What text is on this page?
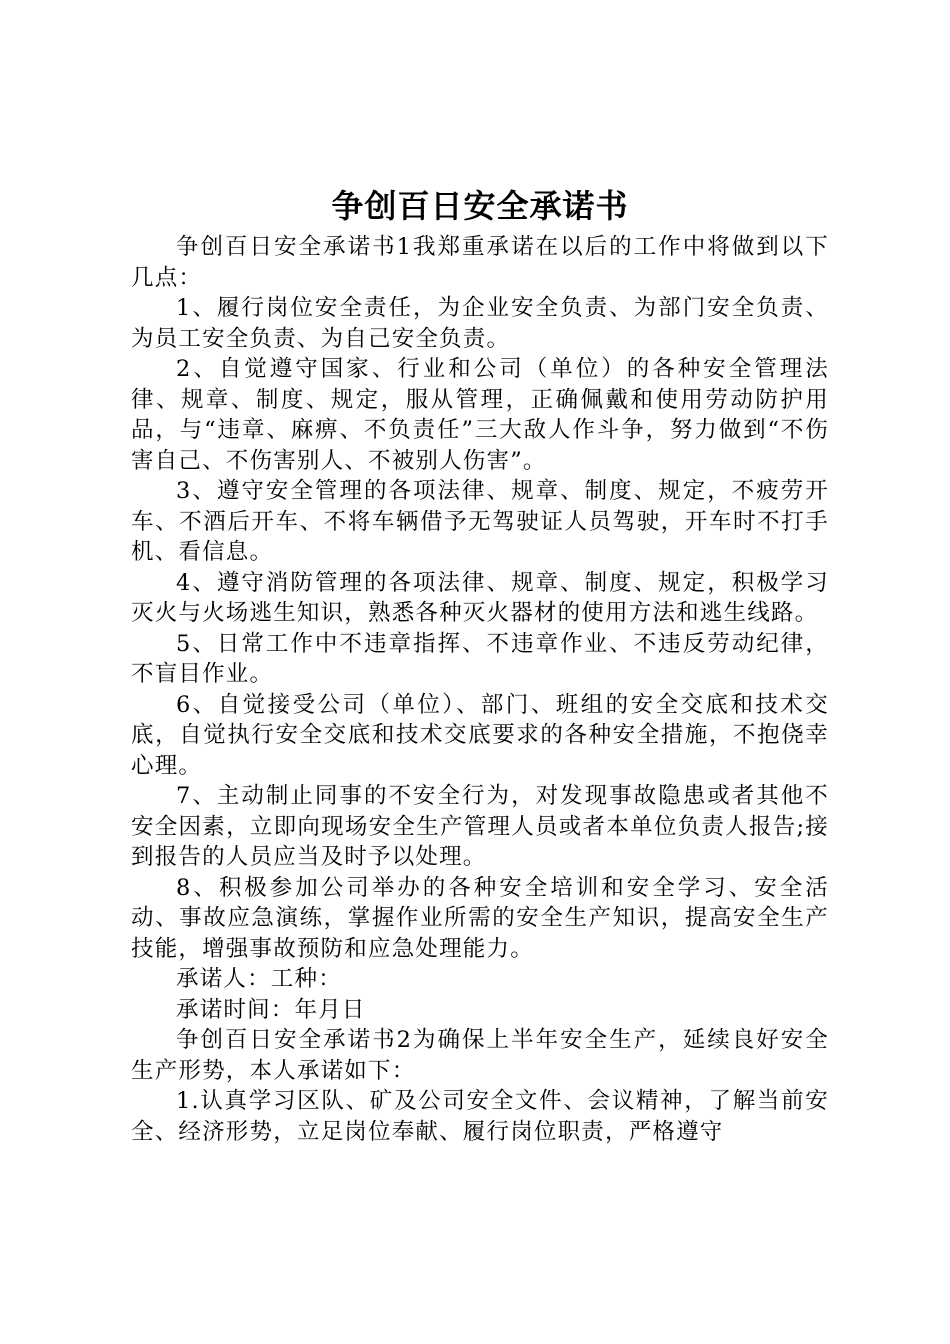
争创百日安全承诺书

争创百日安全承诺书1我郑重承诺在以后的工作中将做到以下几点：

1、履行岗位安全责任，为企业安全负责、为部门安全负责、为员工安全负责、为自己安全负责。

2、自觉遵守国家、行业和公司（单位）的各种安全管理法律、规章、制度、规定，服从管理，正确佩戴和使用劳动防护用品，与“违章、麻痹、不负责任”三大敌人作斗争，努力做到“不伤害自己、不伤害别人、不被别人伤害”。

3、遵守安全管理的各项法律、规章、制度、规定，不疲劳开车、不酒后开车、不将车辆借予无驾驶证人员驾驶，开车时不打手机、看信息。

4、遵守消防管理的各项法律、规章、制度、规定，积极学习灭火与火场逃生知识，熟悉各种灭火器材的使用方法和逃生线路。

5、日常工作中不违章指挥、不违章作业、不违反劳动纪律，不盲目作业。

6、自觉接受公司（单位）、部门、班组的安全交底和技术交底，自觉执行安全交底和技术交底要求的各种安全措施，不抱侥幸心理。

7、主动制止同事的不安全行为，对发现事故隐患或者其他不安全因素，立即向现场安全生产管理人员或者本单位负责人报告;接到报告的人员应当及时予以处理。

8、积极参加公司举办的各种安全培训和安全学习、安全活动、事故应急演练，掌握作业所需的安全生产知识，提高安全生产技能，增强事故预防和应急处理能力。

承诺人：工种：

承诺时间：年月日

争创百日安全承诺书2为确保上半年安全生产，延续良好安全生产形势，本人承诺如下：

1.认真学习区队、矿及公司安全文件、会议精神，了解当前安全、经济形势，立足岗位奉献、履行岗位职责，严格遵守
